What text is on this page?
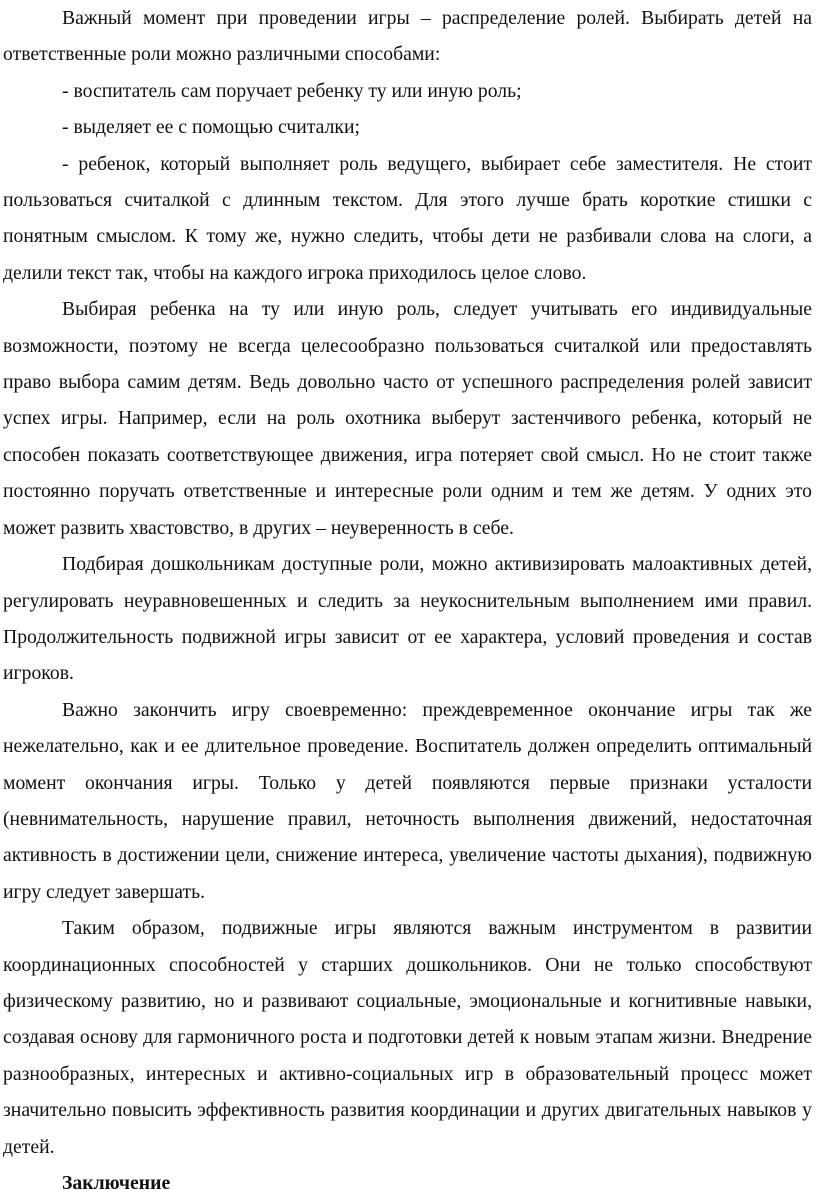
Важный момент при проведении игры – распределение ролей. Выбирать детей на ответственные роли можно различными способами:

- воспитатель сам поручает ребенку ту или иную роль;

- выделяет ее с помощью считалки;

- ребенок, который выполняет роль ведущего, выбирает себе заместителя. Не стоит пользоваться считалкой с длинным текстом. Для этого лучше брать короткие стишки с понятным смыслом. К тому же, нужно следить, чтобы дети не разбивали слова на слоги, а делили текст так, чтобы на каждого игрока приходилось целое слово.

Выбирая ребенка на ту или иную роль, следует учитывать его индивидуальные возможности, поэтому не всегда целесообразно пользоваться считалкой или предоставлять право выбора самим детям. Ведь довольно часто от успешного распределения ролей зависит успех игры. Например, если на роль охотника выберут застенчивого ребенка, который не способен показать соответствующее движения, игра потеряет свой смысл. Но не стоит также постоянно поручать ответственные и интересные роли одним и тем же детям. У одних это может развить хвастовство, в других – неуверенность в себе.

Подбирая дошкольникам доступные роли, можно активизировать малоактивных детей, регулировать неуравновешенных и следить за неукоснительным выполнением ими правил. Продолжительность подвижной игры зависит от ее характера, условий проведения и состав игроков.

Важно закончить игру своевременно: преждевременное окончание игры так же нежелательно, как и ее длительное проведение. Воспитатель должен определить оптимальный момент окончания игры. Только у детей появляются первые признаки усталости (невнимательность, нарушение правил, неточность выполнения движений, недостаточная активность в достижении цели, снижение интереса, увеличение частоты дыхания), подвижную игру следует завершать.

Таким образом, подвижные игры являются важным инструментом в развитии координационных способностей у старших дошкольников. Они не только способствуют физическому развитию, но и развивают социальные, эмоциональные и когнитивные навыки, создавая основу для гармоничного роста и подготовки детей к новым этапам жизни. Внедрение разнообразных, интересных и активно-социальных игр в образовательный процесс может значительно повысить эффективность развития координации и других двигательных навыков у детей.

Заключение
